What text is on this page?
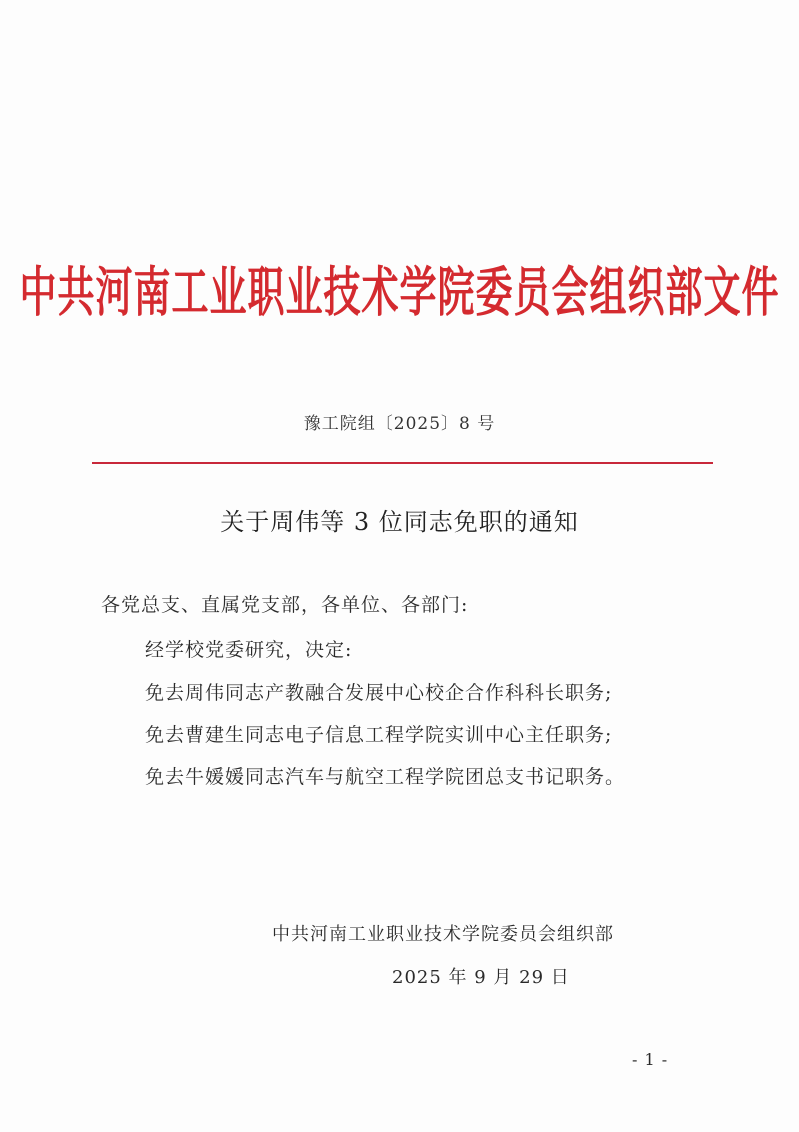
中共河南工业职业技术学院委员会组织部文件
豫工院组〔2025〕8 号
关于周伟等 3 位同志免职的通知
各党总支、直属党支部，各单位、各部门:
经学校党委研究，决定:
免去周伟同志产教融合发展中心校企合作科科长职务;
免去曹建生同志电子信息工程学院实训中心主任职务;
免去牛媛媛同志汽车与航空工程学院团总支书记职务。
中共河南工业职业技术学院委员会组织部
2025 年 9 月 29 日
- 1 -
